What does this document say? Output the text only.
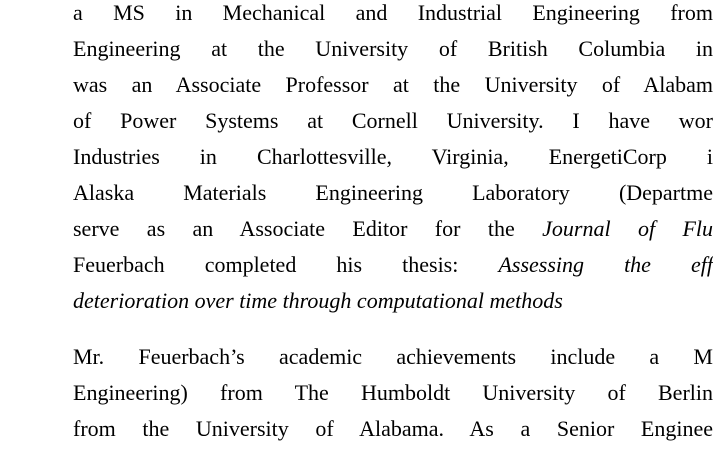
a MS in Mechanical and Industrial Engineering from
Engineering at the University of British Columbia in
was an Associate Professor at the University of Alabam
of Power Systems at Cornell University. I have wor
Industries in Charlottesville, Virginia, EnergetiCorp i
Alaska Materials Engineering Laboratory (Departme
serve as an Associate Editor for the Journal of Flu
Feuerbach completed his thesis: Assessing the eff
deterioration over time through computational methods
Mr. Feuerbach’s academic achievements include a M
Engineering) from The Humboldt University of Berlin
from the University of Alabama. As a Senior Enginee
